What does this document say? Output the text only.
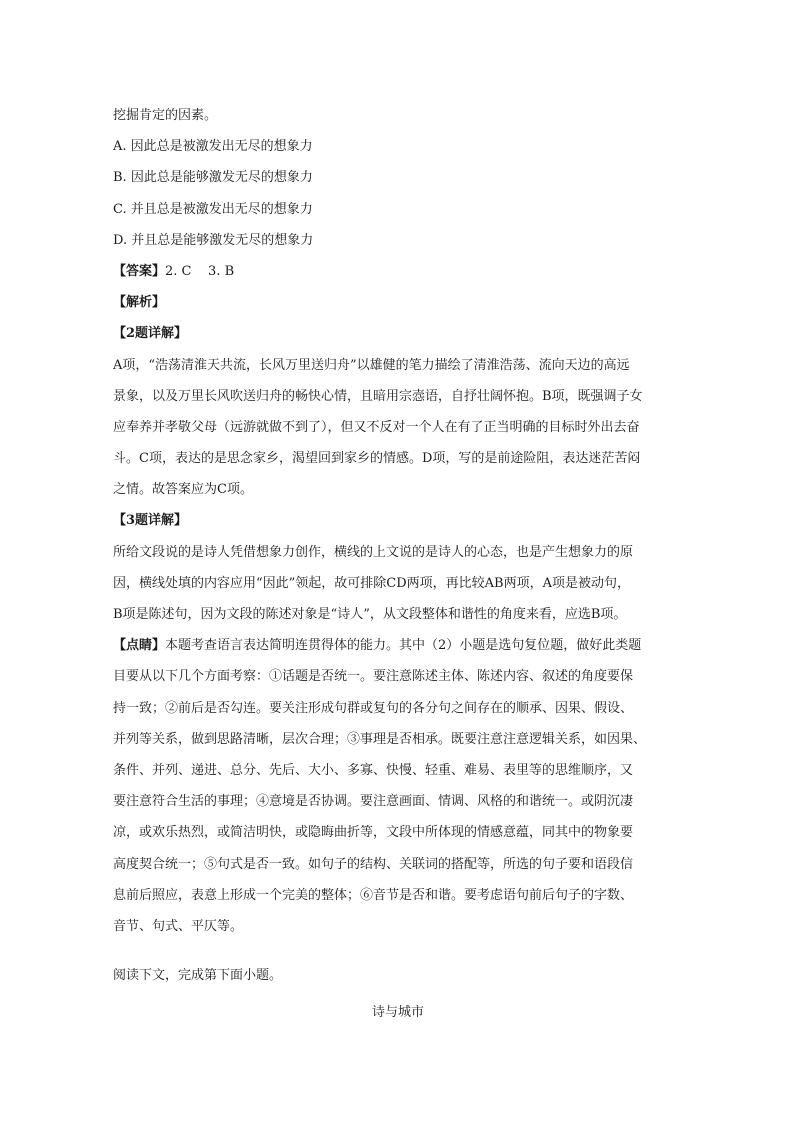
挖掘肯定的因素。
A. 因此总是被激发出无尽的想象力
B. 因此总是能够激发无尽的想象力
C. 并且总是被激发出无尽的想象力
D. 并且总是能够激发无尽的想象力
【答案】2. C    3. B
【解析】
【2题详解】
A项，“浩荡清淮天共流，长风万里送归舟”以雄健的笔力描绘了清淮浩荡、流向天边的高远
景象，以及万里长风吹送归舟的畅快心情，且暗用宗悫语，自抒壮阔怀抱。B项，既强调子女
应奉养并孝敬父母（远游就做不到了），但又不反对一个人在有了正当明确的目标时外出去奋
斗。C项，表达的是思念家乡，渴望回到家乡的情感。D项，写的是前途险阻，表达迷茫苦闷
之情。故答案应为C项。
【3题详解】
所给文段说的是诗人凭借想象力创作，横线的上文说的是诗人的心态，也是产生想象力的原
因，横线处填的内容应用“因此”领起，故可排除CD两项，再比较AB两项，A项是被动句，
B项是陈述句，因为文段的陈述对象是“诗人”，从文段整体和谐性的角度来看，应选B项。
【点睛】本题考查语言表达简明连贯得体的能力。其中（2）小题是选句复位题，做好此类题
目要从以下几个方面考察：①话题是否统一。要注意陈述主体、陈述内容、叙述的角度要保
持一致；②前后是否勾连。要关注形成句群或复句的各分句之间存在的顺承、因果、假设、
并列等关系，做到思路清晰，层次合理；③事理是否相承。既要注意注意逻辑关系，如因果、
条件、并列、递进、总分、先后、大小、多寡、快慢、轻重、难易、表里等的思维顺序，又
要注意符合生活的事理；④意境是否协调。要注意画面、情调、风格的和谐统一。或阴沉凄
凉，或欢乐热烈，或简洁明快，或隐晦曲折等，文段中所体现的情感意蕴，同其中的物象要
高度契合统一；⑤句式是否一致。如句子的结构、关联词的搭配等，所选的句子要和语段信
息前后照应，表意上形成一个完美的整体；⑥音节是否和谐。要考虑语句前后句子的字数、
音节、句式、平仄等。
阅读下文，完成第下面小题。
诗与城市
